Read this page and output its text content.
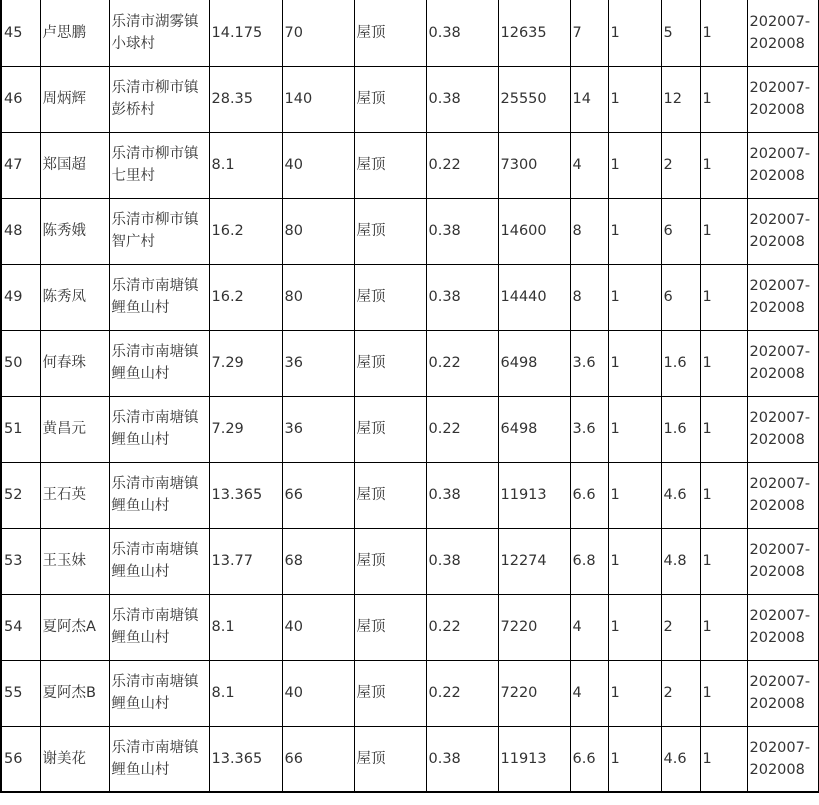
45	卢思鹏	乐清市湖雾镇小球村	14.175	70	屋顶	0.38	12635	7	1	5	1	202007-202008
46	周炳辉	乐清市柳市镇彭桥村	28.35	140	屋顶	0.38	25550	14	1	12	1	202007-202008
47	郑国超	乐清市柳市镇七里村	8.1	40	屋顶	0.22	7300	4	1	2	1	202007-202008
48	陈秀娥	乐清市柳市镇智广村	16.2	80	屋顶	0.38	14600	8	1	6	1	202007-202008
49	陈秀凤	乐清市南塘镇鲤鱼山村	16.2	80	屋顶	0.38	14440	8	1	6	1	202007-202008
50	何春珠	乐清市南塘镇鲤鱼山村	7.29	36	屋顶	0.22	6498	3.6	1	1.6	1	202007-202008
51	黄昌元	乐清市南塘镇鲤鱼山村	7.29	36	屋顶	0.22	6498	3.6	1	1.6	1	202007-202008
52	王石英	乐清市南塘镇鲤鱼山村	13.365	66	屋顶	0.38	11913	6.6	1	4.6	1	202007-202008
53	王玉妹	乐清市南塘镇鲤鱼山村	13.77	68	屋顶	0.38	12274	6.8	1	4.8	1	202007-202008
54	夏阿杰A	乐清市南塘镇鲤鱼山村	8.1	40	屋顶	0.22	7220	4	1	2	1	202007-202008
55	夏阿杰B	乐清市南塘镇鲤鱼山村	8.1	40	屋顶	0.22	7220	4	1	2	1	202007-202008
56	谢美花	乐清市南塘镇鲤鱼山村	13.365	66	屋顶	0.38	11913	6.6	1	4.6	1	202007-202008
